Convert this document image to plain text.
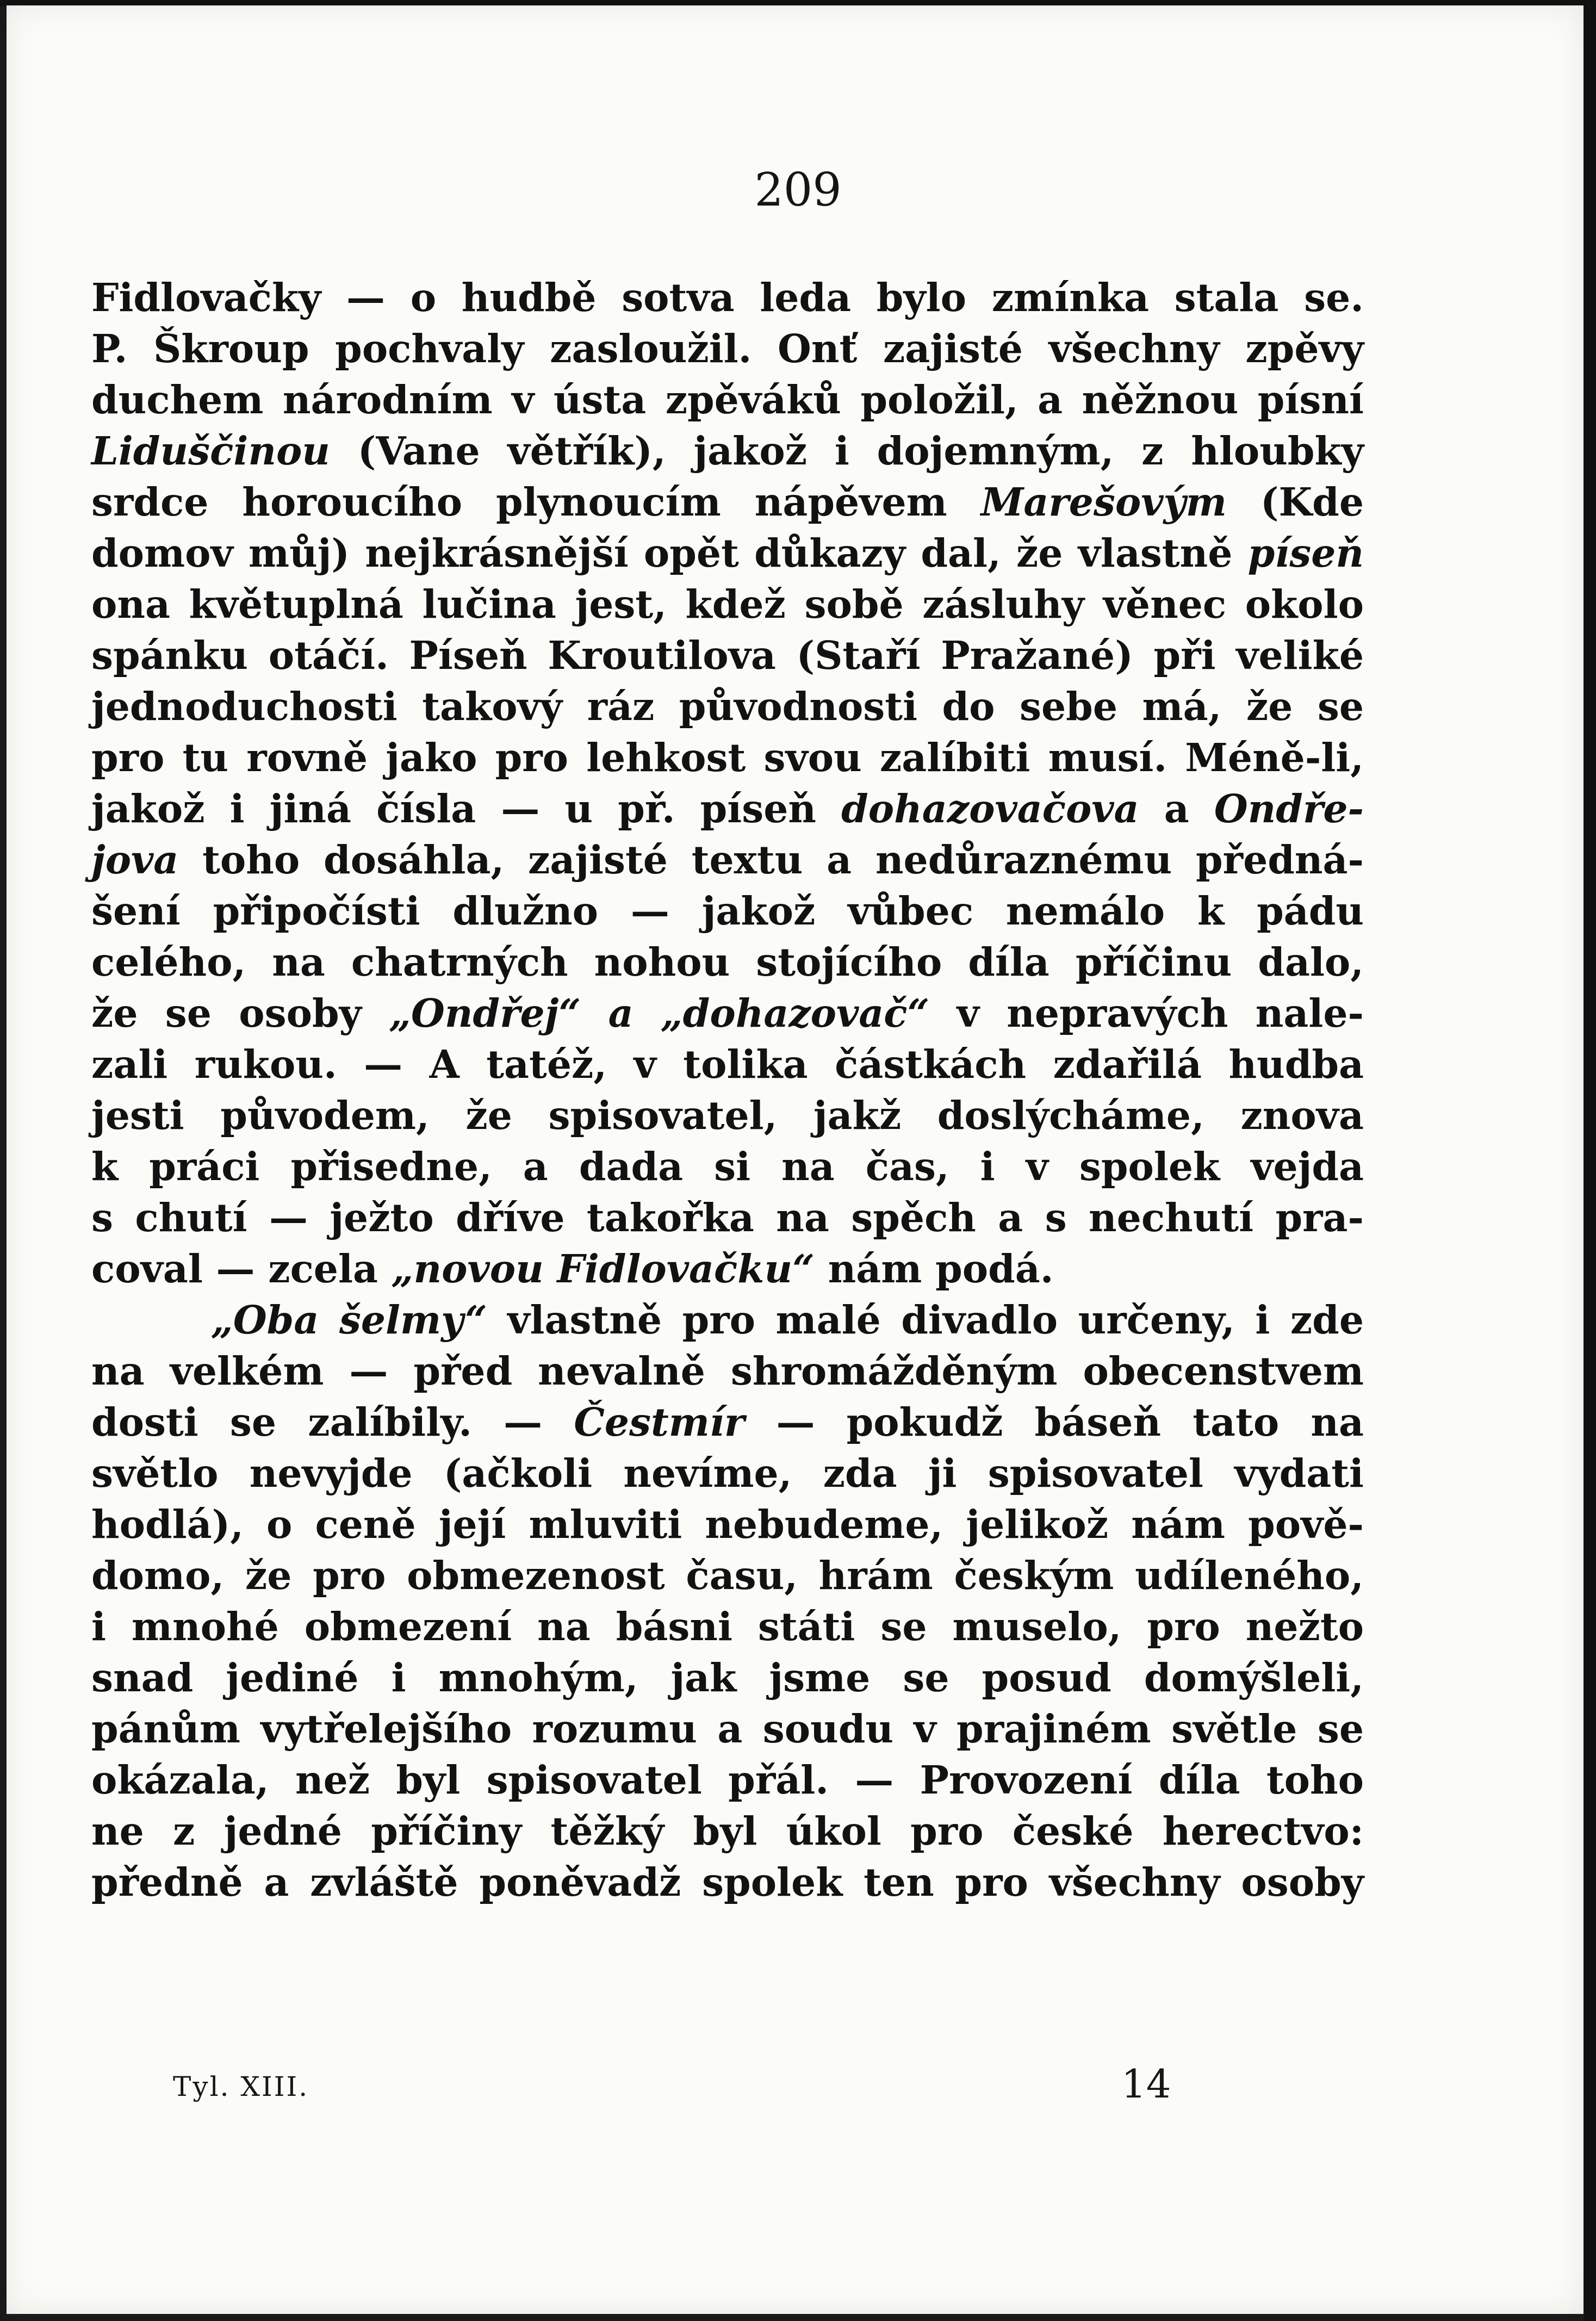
209
Fidlovačky — o hudbě sotva leda bylo zmínka stala se.
P. Škroup pochvaly zasloužil. Onť zajisté všechny zpěvy
duchem národním v ústa zpěváků položil, a něžnou písní
Liduščinou (Vane větřík), jakož i dojemným, z hloubky
srdce horoucího plynoucím nápěvem Marešovým (Kde
domov můj) nejkrásnější opět důkazy dal, že vlastně píseň
ona květuplná lučina jest, kdež sobě zásluhy věnec okolo
spánku otáčí. Píseň Kroutilova (Staří Pražané) při veliké
jednoduchosti takový ráz původnosti do sebe má, že se
pro tu rovně jako pro lehkost svou zalíbiti musí. Méně-li,
jakož i jiná čísla — u př. píseň dohazovačova a Ondře-
jova toho dosáhla, zajisté textu a nedůraznému předná-
šení připočísti dlužno — jakož vůbec nemálo k pádu
celého, na chatrných nohou stojícího díla příčinu dalo,
že se osoby „Ondřej“ a „dohazovač“ v nepravých nale-
zali rukou. — A tatéž, v tolika částkách zdařilá hudba
jesti původem, že spisovatel, jakž doslýcháme, znova
k práci přisedne, a dada si na čas, i v spolek vejda
s chutí — ježto dříve takořka na spěch a s nechutí pra-
coval — zcela „novou Fidlovačku“ nám podá.
„Oba šelmy“ vlastně pro malé divadlo určeny, i zde
na velkém — před nevalně shromážděným obecenstvem
dosti se zalíbily. — Čestmír — pokudž báseň tato na
světlo nevyjde (ačkoli nevíme, zda ji spisovatel vydati
hodlá), o ceně její mluviti nebudeme, jelikož nám pově-
domo, že pro obmezenost času, hrám českým udíleného,
i mnohé obmezení na básni státi se muselo, pro nežto
snad jediné i mnohým, jak jsme se posud domýšleli,
pánům vytřelejšího rozumu a soudu v prajiném světle se
okázala, než byl spisovatel přál. — Provození díla toho
ne z jedné příčiny těžký byl úkol pro české herectvo:
předně a zvláště poněvadž spolek ten pro všechny osoby
Tyl. XIII.	14
